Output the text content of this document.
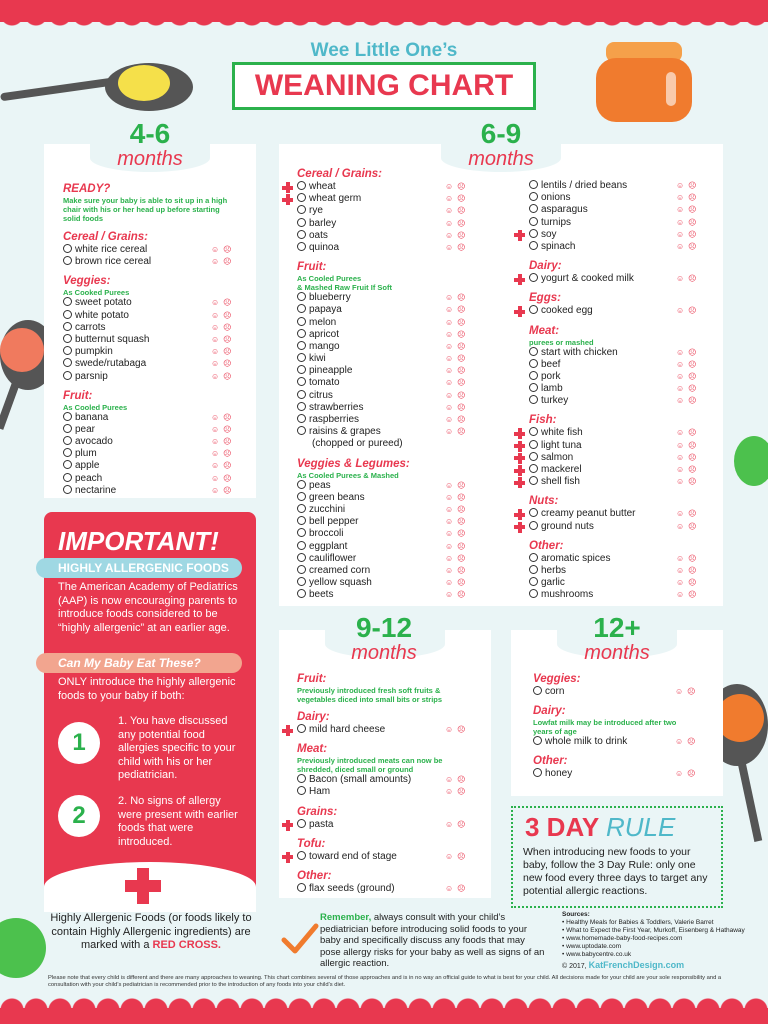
Wee Little One’s
WEANING CHART
4-6
months
READY?
Make sure your baby is able to sit up in a high chair with his or her head up before starting solid foods
Cereal / Grains:
white rice cereal	☺☹
brown rice cereal	☺☹
Veggies:
As Cooked Purees
sweet potato	☺☹
white potato	☺☹
carrots	☺☹
butternut squash	☺☹
pumpkin	☺☹
swede/rutabaga	☺☹
parsnip	☺☹
Fruit:
As Cooled Purees
banana	☺☹
pear	☺☹
avocado	☺☹
plum	☺☹
apple	☺☹
peach	☺☹
nectarine	☺☹
6-9
months
Cereal / Grains:
wheat	☺☹
wheat germ	☺☹
rye	☺☹
barley	☺☹
oats	☺☹
quinoa	☺☹
Fruit:
As Cooled Purees
& Mashed Raw Fruit If Soft
blueberry	☺☹
papaya	☺☹
melon	☺☹
apricot	☺☹
mango	☺☹
kiwi	☺☹
pineapple	☺☹
tomato	☺☹
citrus	☺☹
strawberries	☺☹
raspberries	☺☹
raisins & grapes	☺☹
(chopped or pureed)
Veggies & Legumes:
As Cooled Purees & Mashed
peas	☺☹
green beans	☺☹
zucchini	☺☹
bell pepper	☺☹
broccoli	☺☹
eggplant	☺☹
cauliflower	☺☹
creamed corn	☺☹
yellow squash	☺☹
beets	☺☹
lentils / dried beans	☺☹
onions	☺☹
asparagus	☺☹
turnips	☺☹
soy	☺☹
spinach	☺☹
Dairy:
yogurt & cooked milk	☺☹
Eggs:
cooked egg	☺☹
Meat:
purees or mashed
start with chicken	☺☹
beef	☺☹
pork	☺☹
lamb	☺☹
turkey	☺☹
Fish:
white fish	☺☹
light tuna	☺☹
salmon	☺☹
mackerel	☺☹
shell fish	☺☹
Nuts:
creamy peanut butter	☺☹
ground nuts	☺☹
Other:
aromatic spices	☺☹
herbs	☺☹
garlic	☺☹
mushrooms	☺☹
IMPORTANT!
HIGHLY ALLERGENIC FOODS
The American Academy of Pediatrics (AAP) is now encouraging parents to introduce foods considered to be “highly allergenic” at an earlier age.
Can My Baby Eat These?
ONLY introduce the highly allergenic foods to your baby if both:
1
1. You have discussed any potential food allergies specific to your child with his or her pediatrician.
2
2. No signs of allergy were present with earlier foods that were introduced.
Highly Allergenic Foods (or foods likely to contain Highly Allergenic ingredients) are marked with a RED CROSS.
9-12
months
Fruit:
Previously introduced fresh soft fruits & vegetables diced into small bits or strips
Dairy:
mild hard cheese	☺☹
Meat:
Previously introduced meats can now be shredded, diced small or ground
Bacon (small amounts)	☺☹
Ham	☺☹
Grains:
pasta	☺☹
Tofu:
toward end of stage	☺☹
Other:
flax seeds (ground)	☺☹
12+
months
Veggies:
corn	☺☹
Dairy:
Lowfat milk may be introduced after two years of age
whole milk to drink	☺☹
Other:
honey	☺☹
3 DAY RULE
When introducing new foods to your baby, follow the 3 Day Rule: only one new food every three days to target any potential allergic reactions.
Remember, always consult with your child’s pediatrician before introducing solid foods to your baby and specifically discuss any foods that may pose allergy risks for your baby as well as signs of an allergic reaction.
Sources:
• Healthy Meals for Babies & Toddlers, Valerie Barret
• What to Expect the First Year, Murkoff, Eisenberg & Hathaway
• www.homemade-baby-food-recipes.com
• www.uptodate.com
• www.babycentre.co.uk
© 2017, KatFrenchDesign.com
Please note that every child is different and there are many approaches to weaning. This chart combines several of those approaches and is in no way an official guide to what is best for your child. All decisions made for your child are your sole responsibility and a consultation with your child’s pediatrician is recommended prior to the introduction of any foods into your child’s diet.
